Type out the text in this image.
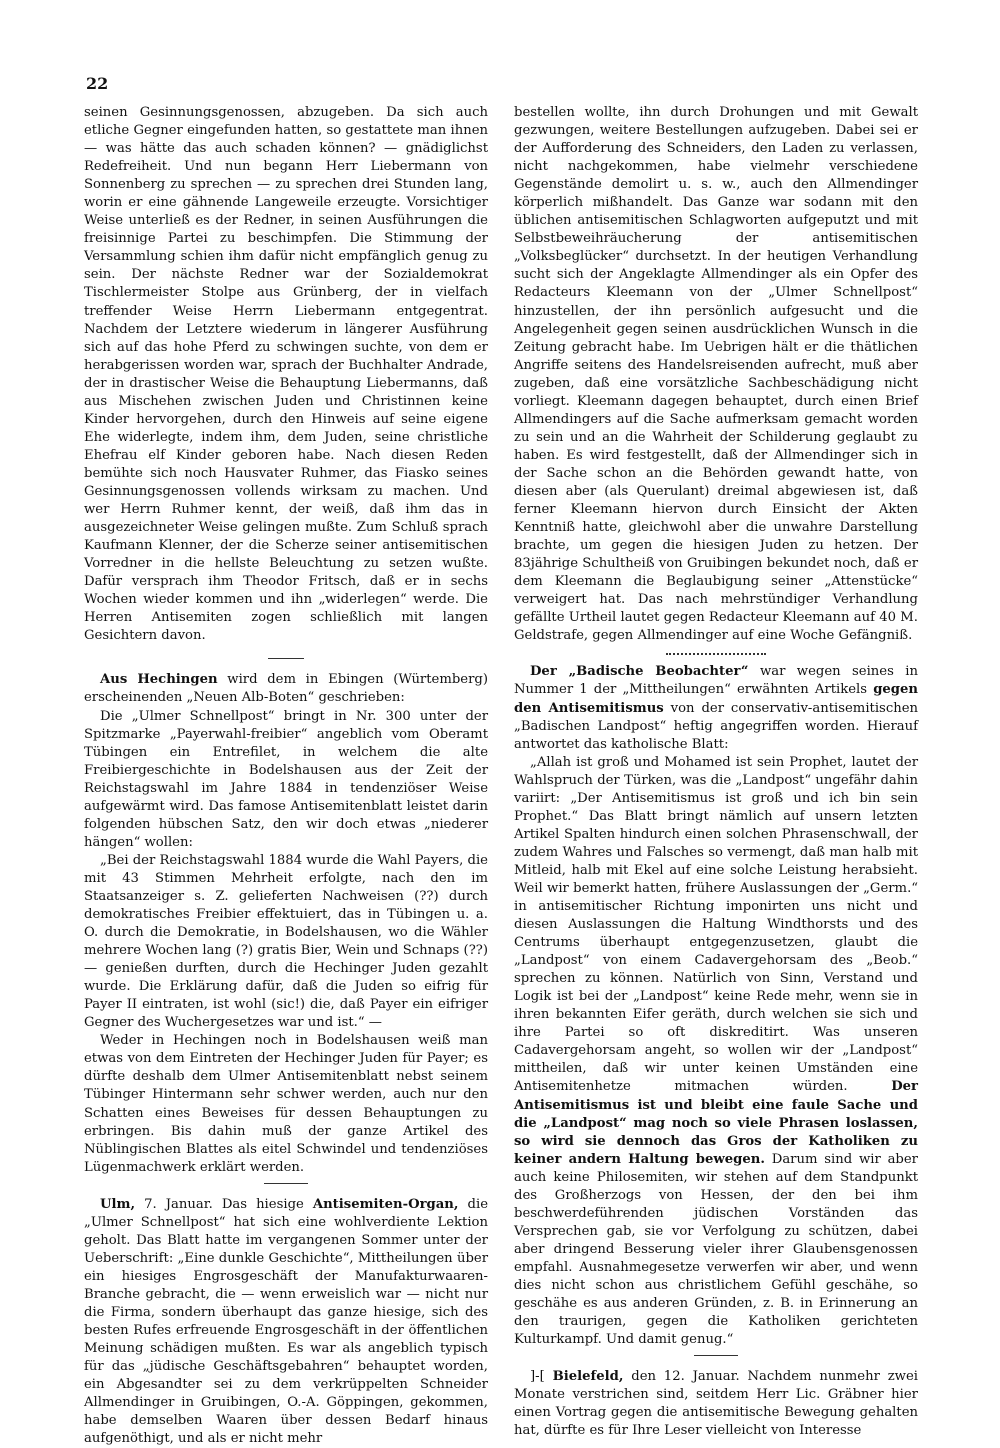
22

seinen Gesinnungsgenossen, abzugeben. Da sich auch etliche Gegner eingefunden hatten, so gestattete man ihnen — was hätte das auch schaden können? — gnädiglichst Redefreiheit. Und nun begann Herr Liebermann von Sonnenberg zu sprechen — zu sprechen drei Stunden lang, worin er eine gähnende Langeweile erzeugte. Vorsichtiger Weise unterließ es der Redner, in seinen Ausführungen die freisinnige Partei zu beschimpfen. Die Stimmung der Versammlung schien ihm dafür nicht empfänglich genug zu sein. Der nächste Redner war der Sozialdemokrat Tischlermeister Stolpe aus Grünberg, der in vielfach treffender Weise Herrn Liebermann entgegentrat. Nachdem der Letztere wiederum in längerer Ausführung sich auf das hohe Pferd zu schwingen suchte, von dem er herabgerissen worden war, sprach der Buchhalter Andrade, der in drastischer Weise die Behauptung Liebermanns, daß aus Mischehen zwischen Juden und Christinnen keine Kinder hervorgehen, durch den Hinweis auf seine eigene Ehe widerlegte, indem ihm, dem Juden, seine christliche Ehefrau elf Kinder geboren habe. Nach diesen Reden bemühte sich noch Hausvater Ruhmer, das Fiasko seines Gesinnungsgenossen vollends wirksam zu machen. Und wer Herrn Ruhmer kennt, der weiß, daß ihm das in ausgezeichneter Weise gelingen mußte. Zum Schluß sprach Kaufmann Klenner, der die Scherze seiner antisemitischen Vorredner in die hellste Beleuchtung zu setzen wußte. Dafür versprach ihm Theodor Fritsch, daß er in sechs Wochen wieder kommen und ihn „widerlegen“ werde. Die Herren Antisemiten zogen schließlich mit langen Gesichtern davon.

Aus Hechingen wird dem in Ebingen (Würtemberg) erscheinenden „Neuen Alb-Boten“ geschrieben:

Die „Ulmer Schnellpost“ bringt in Nr. 300 unter der Spitzmarke „Payerwahl-freibier“ angeblich vom Oberamt Tübingen ein Entrefilet, in welchem die alte Freibiergeschichte in Bodelshausen aus der Zeit der Reichstagswahl im Jahre 1884 in tendenziöser Weise aufgewärmt wird. Das famose Antisemitenblatt leistet darin folgenden hübschen Satz, den wir doch etwas „niederer hängen“ wollen:

„Bei der Reichstagswahl 1884 wurde die Wahl Payers, die mit 43 Stimmen Mehrheit erfolgte, nach den im Staatsanzeiger s. Z. gelieferten Nachweisen (??) durch demokratisches Freibier effektuiert, das in Tübingen u. a. O. durch die Demokratie, in Bodelshausen, wo die Wähler mehrere Wochen lang (?) gratis Bier, Wein und Schnaps (??) — genießen durften, durch die Hechinger Juden gezahlt wurde. Die Erklärung dafür, daß die Juden so eifrig für Payer II eintraten, ist wohl (sic!) die, daß Payer ein eifriger Gegner des Wuchergesetzes war und ist.“ —

Weder in Hechingen noch in Bodelshausen weiß man etwas von dem Eintreten der Hechinger Juden für Payer; es dürfte deshalb dem Ulmer Antisemitenblatt nebst seinem Tübinger Hintermann sehr schwer werden, auch nur den Schatten eines Beweises für dessen Behauptungen zu erbringen. Bis dahin muß der ganze Artikel des Nüblingischen Blattes als eitel Schwindel und tendenziöses Lügenmachwerk erklärt werden.

Ulm, 7. Januar. Das hiesige Antisemiten-Organ, die „Ulmer Schnellpost“ hat sich eine wohlverdiente Lektion geholt. Das Blatt hatte im vergangenen Sommer unter der Ueberschrift: „Eine dunkle Geschichte“, Mittheilungen über ein hiesiges Engrosgeschäft der Manufakturwaaren-Branche gebracht, die — wenn erweislich war — nicht nur die Firma, sondern überhaupt das ganze hiesige, sich des besten Rufes erfreuende Engrosgeschäft in der öffentlichen Meinung schädigen mußten. Es war als angeblich typisch für das „jüdische Geschäftsgebahren“ behauptet worden, ein Abgesandter sei zu dem verkrüppelten Schneider Allmendinger in Gruibingen, O.-A. Göppingen, gekommen, habe demselben Waaren über dessen Bedarf hinaus aufgenöthigt, und als er nicht mehr

bestellen wollte, ihn durch Drohungen und mit Gewalt gezwungen, weitere Bestellungen aufzugeben. Dabei sei er der Aufforderung des Schneiders, den Laden zu verlassen, nicht nachgekommen, habe vielmehr verschiedene Gegenstände demolirt u. s. w., auch den Allmendinger körperlich mißhandelt. Das Ganze war sodann mit den üblichen antisemitischen Schlagworten aufgeputzt und mit Selbstbeweihräucherung der antisemitischen „Volksbeglücker“ durchsetzt. In der heutigen Verhandlung sucht sich der Angeklagte Allmendinger als ein Opfer des Redacteurs Kleemann von der „Ulmer Schnellpost“ hinzustellen, der ihn persönlich aufgesucht und die Angelegenheit gegen seinen ausdrücklichen Wunsch in die Zeitung gebracht habe. Im Uebrigen hält er die thätlichen Angriffe seitens des Handelsreisenden aufrecht, muß aber zugeben, daß eine vorsätzliche Sachbeschädigung nicht vorliegt. Kleemann dagegen behauptet, durch einen Brief Allmendingers auf die Sache aufmerksam gemacht worden zu sein und an die Wahrheit der Schilderung geglaubt zu haben. Es wird festgestellt, daß der Allmendinger sich in der Sache schon an die Behörden gewandt hatte, von diesen aber (als Querulant) dreimal abgewiesen ist, daß ferner Kleemann hiervon durch Einsicht der Akten Kenntniß hatte, gleichwohl aber die unwahre Darstellung brachte, um gegen die hiesigen Juden zu hetzen. Der 83jährige Schultheiß von Gruibingen bekundet noch, daß er dem Kleemann die Beglaubigung seiner „Attenstücke“ verweigert hat. Das nach mehrstündiger Verhandlung gefällte Urtheil lautet gegen Redacteur Kleemann auf 40 M. Geldstrafe, gegen Allmendinger auf eine Woche Gefängniß.

Der „Badische Beobachter“ war wegen seines in Nummer 1 der „Mittheilungen“ erwähnten Artikels gegen den Antisemitismus von der conservativ-antisemitischen „Badischen Landpost“ heftig angegriffen worden. Hierauf antwortet das katholische Blatt:

„Allah ist groß und Mohamed ist sein Prophet, lautet der Wahlspruch der Türken, was die „Landpost“ ungefähr dahin variirt: „Der Antisemitismus ist groß und ich bin sein Prophet.“ Das Blatt bringt nämlich auf unsern letzten Artikel Spalten hindurch einen solchen Phrasenschwall, der zudem Wahres und Falsches so vermengt, daß man halb mit Mitleid, halb mit Ekel auf eine solche Leistung herabsieht. Weil wir bemerkt hatten, frühere Auslassungen der „Germ.“ in antisemitischer Richtung imponirten uns nicht und diesen Auslassungen die Haltung Windthorsts und des Centrums überhaupt entgegenzusetzen, glaubt die „Landpost“ von einem Cadavergehorsam des „Beob.“ sprechen zu können. Natürlich von Sinn, Verstand und Logik ist bei der „Landpost“ keine Rede mehr, wenn sie in ihren bekannten Eifer geräth, durch welchen sie sich und ihre Partei so oft diskreditirt. Was unseren Cadavergehorsam angeht, so wollen wir der „Landpost“ mittheilen, daß wir unter keinen Umständen eine Antisemitenhetze mitmachen würden.	Der Antisemitismus ist und bleibt eine faule Sache und die „Landpost“ mag noch so viele Phrasen loslassen, so wird sie dennoch das Gros der Katholiken zu keiner andern Haltung bewegen. Darum sind wir aber auch keine Philosemiten, wir stehen auf dem Standpunkt des Großherzogs von Hessen, der den bei ihm beschwerdeführenden jüdischen Vorständen das Versprechen gab, sie vor Verfolgung zu schützen, dabei aber dringend Besserung vieler ihrer Glaubensgenossen empfahl. Ausnahmegesetze verwerfen wir aber, und wenn dies nicht schon aus christlichem Gefühl geschähe, so geschähe es aus anderen Gründen, z. B. in Erinnerung an den traurigen, gegen die Katholiken gerichteten Kulturkampf. Und damit genug.“

]-[ Bielefeld, den 12. Januar. Nachdem nunmehr zwei Monate verstrichen sind, seitdem Herr Lic. Gräbner hier einen Vortrag gegen die antisemitische Bewegung gehalten hat, dürfte es für Ihre Leser vielleicht von Interesse
